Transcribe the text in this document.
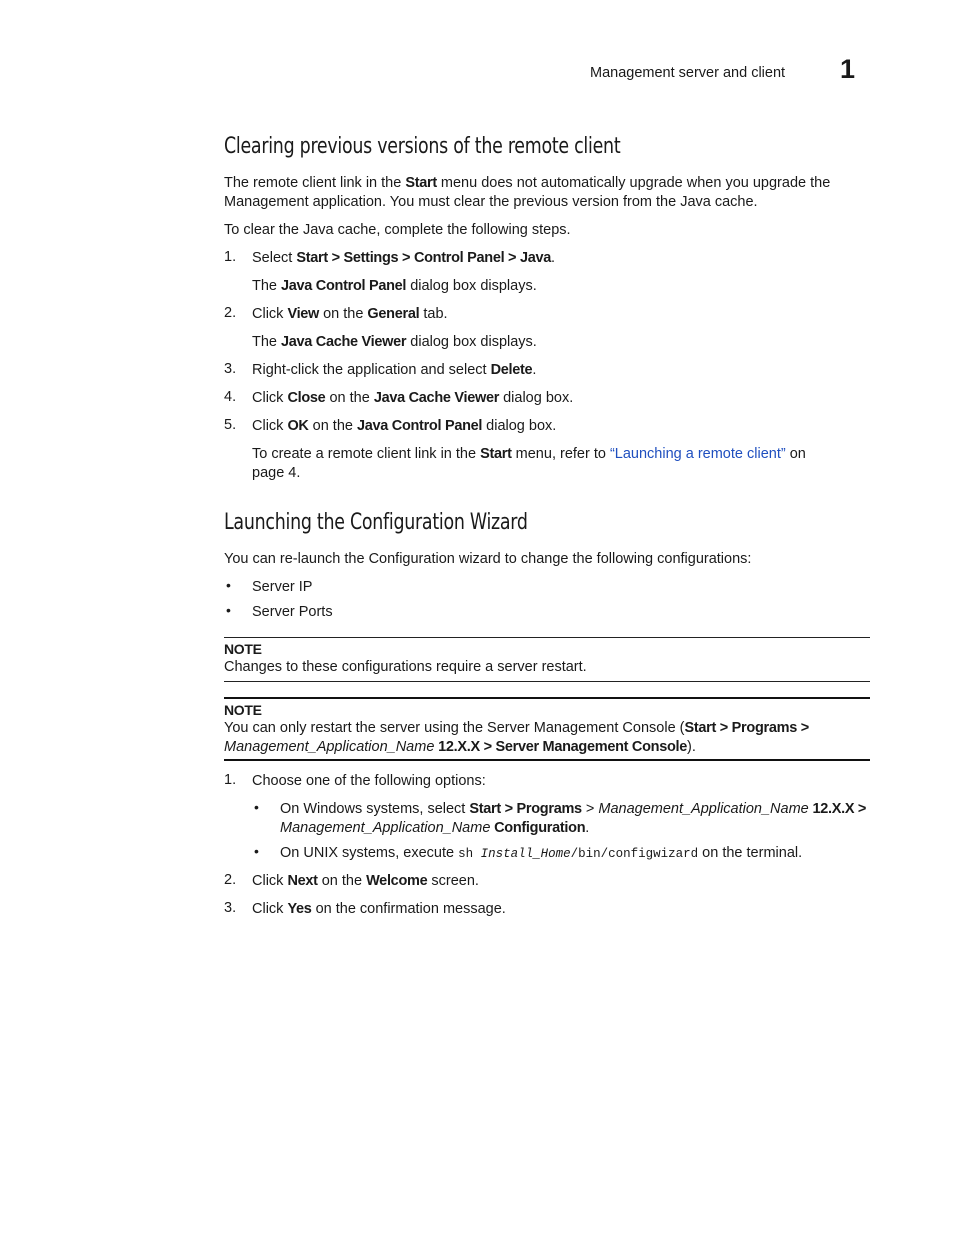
Management server and client 1
Clearing previous versions of the remote client
The remote client link in the Start menu does not automatically upgrade when you upgrade the Management application. You must clear the previous version from the Java cache.
To clear the Java cache, complete the following steps.
1. Select Start > Settings > Control Panel > Java.
The Java Control Panel dialog box displays.
2. Click View on the General tab.
The Java Cache Viewer dialog box displays.
3. Right-click the application and select Delete.
4. Click Close on the Java Cache Viewer dialog box.
5. Click OK on the Java Control Panel dialog box.
To create a remote client link in the Start menu, refer to “Launching a remote client” on page 4.
Launching the Configuration Wizard
You can re-launch the Configuration wizard to change the following configurations:
• Server IP
• Server Ports
NOTE
Changes to these configurations require a server restart.
NOTE
You can only restart the server using the Server Management Console (Start > Programs > Management_Application_Name 12.X.X > Server Management Console).
1. Choose one of the following options:
• On Windows systems, select Start > Programs > Management_Application_Name 12.X.X > Management_Application_Name Configuration.
• On UNIX systems, execute sh Install_Home/bin/configwizard on the terminal.
2. Click Next on the Welcome screen.
3. Click Yes on the confirmation message.
